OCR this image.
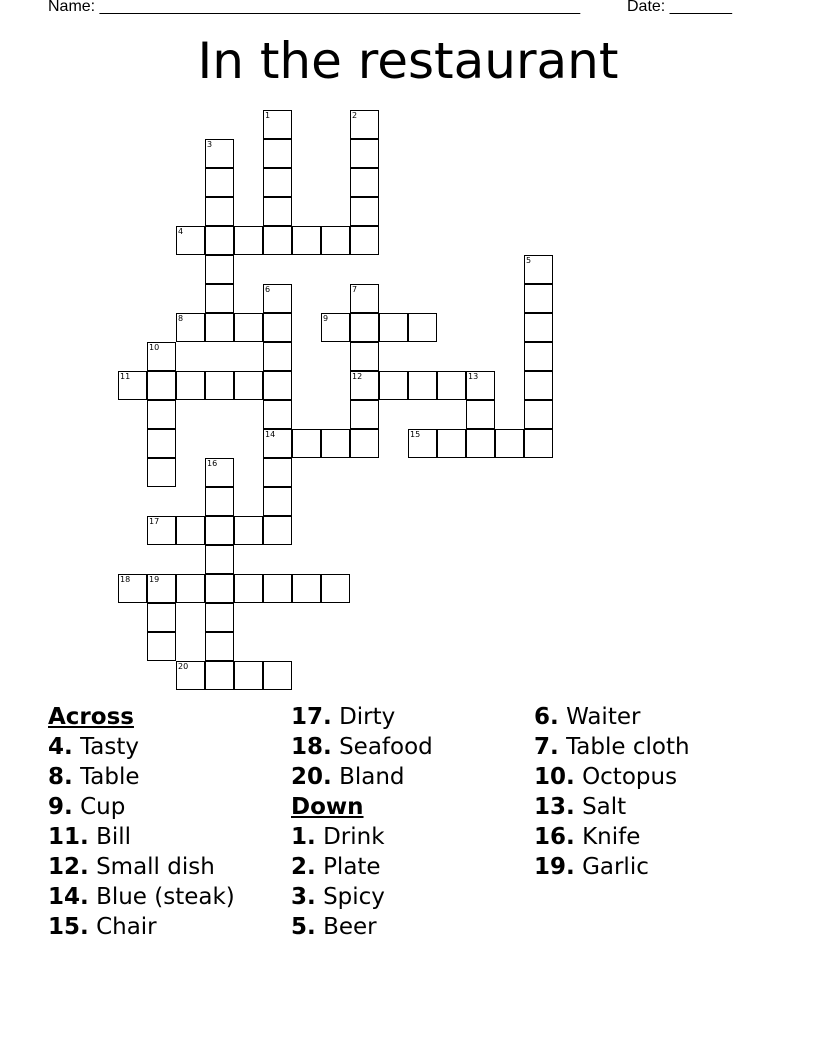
Name: ______________________________________________________	Date: _______
In the restaurant
1	2
3
4
5
6	7
8	9
10
11	12	13
14	15
16
17
18 19
20
Across
4. Tasty
8. Table
9. Cup
11. Bill
12. Small dish
14. Blue (steak)
15. Chair
17. Dirty
18. Seafood
20. Bland
Down
1. Drink
2. Plate
3. Spicy
5. Beer
6. Waiter
7. Table cloth
10. Octopus
13. Salt
16. Knife
19. Garlic
